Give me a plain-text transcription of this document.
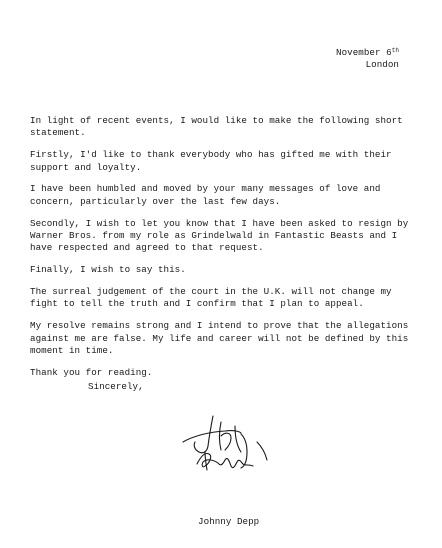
November 6th
London

In light of recent events, I would like to make the following short statement.

Firstly, I'd like to thank everybody who has gifted me with their support and loyalty.

I have been humbled and moved by your many messages of love and concern, particularly over the last few days.

Secondly, I wish to let you know that I have been asked to resign by Warner Bros. from my role as Grindelwald in Fantastic Beasts and I have respected and agreed to that request.

Finally, I wish to say this.

The surreal judgement of the court in the U.K. will not change my fight to tell the truth and I confirm that I plan to appeal.

My resolve remains strong and I intend to prove that the allegations against me are false. My life and career will not be defined by this moment in time.

Thank you for reading.

Sincerely,
Johnny Depp
